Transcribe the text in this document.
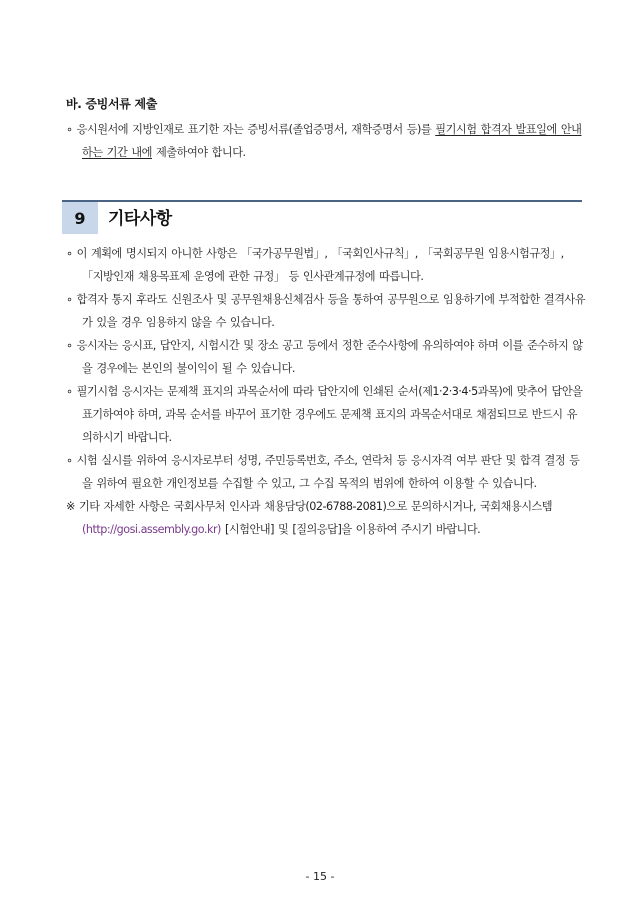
바. 증빙서류 제출
∘ 응시원서에 지방인재로 표기한 자는 증빙서류(졸업증명서, 재학증명서 등)를 필기시험 합격자 발표일에 안내하는 기간 내에 제출하여야 합니다.
9	기타사항
∘ 이 계획에 명시되지 아니한 사항은 「국가공무원법」, 「국회인사규칙」, 「국회공무원 임용시험규정」, 「지방인재 채용목표제 운영에 관한 규정」 등 인사관계규정에 따릅니다.
∘ 합격자 통지 후라도 신원조사 및 공무원채용신체검사 등을 통하여 공무원으로 임용하기에 부적합한 결격사유가 있을 경우 임용하지 않을 수 있습니다.
∘ 응시자는 응시표, 답안지, 시험시간 및 장소 공고 등에서 정한 준수사항에 유의하여야 하며 이를 준수하지 않을 경우에는 본인의 불이익이 될 수 있습니다.
∘ 필기시험 응시자는 문제책 표지의 과목순서에 따라 답안지에 인쇄된 순서(제1·2·3·4·5과목)에 맞추어 답안을 표기하여야 하며, 과목 순서를 바꾸어 표기한 경우에도 문제책 표지의 과목순서대로 채점되므로 반드시 유의하시기 바랍니다.
∘ 시험 실시를 위하여 응시자로부터 성명, 주민등록번호, 주소, 연락처 등 응시자격 여부 판단 및 합격 결정 등을 위하여 필요한 개인정보를 수집할 수 있고, 그 수집 목적의 범위에 한하여 이용할 수 있습니다.
※ 기타 자세한 사항은 국회사무처 인사과 채용담당(02-6788-2081)으로 문의하시거나, 국회채용시스템(http://gosi.assembly.go.kr) [시험안내] 및 [질의응답]을 이용하여 주시기 바랍니다.
- 15 -
